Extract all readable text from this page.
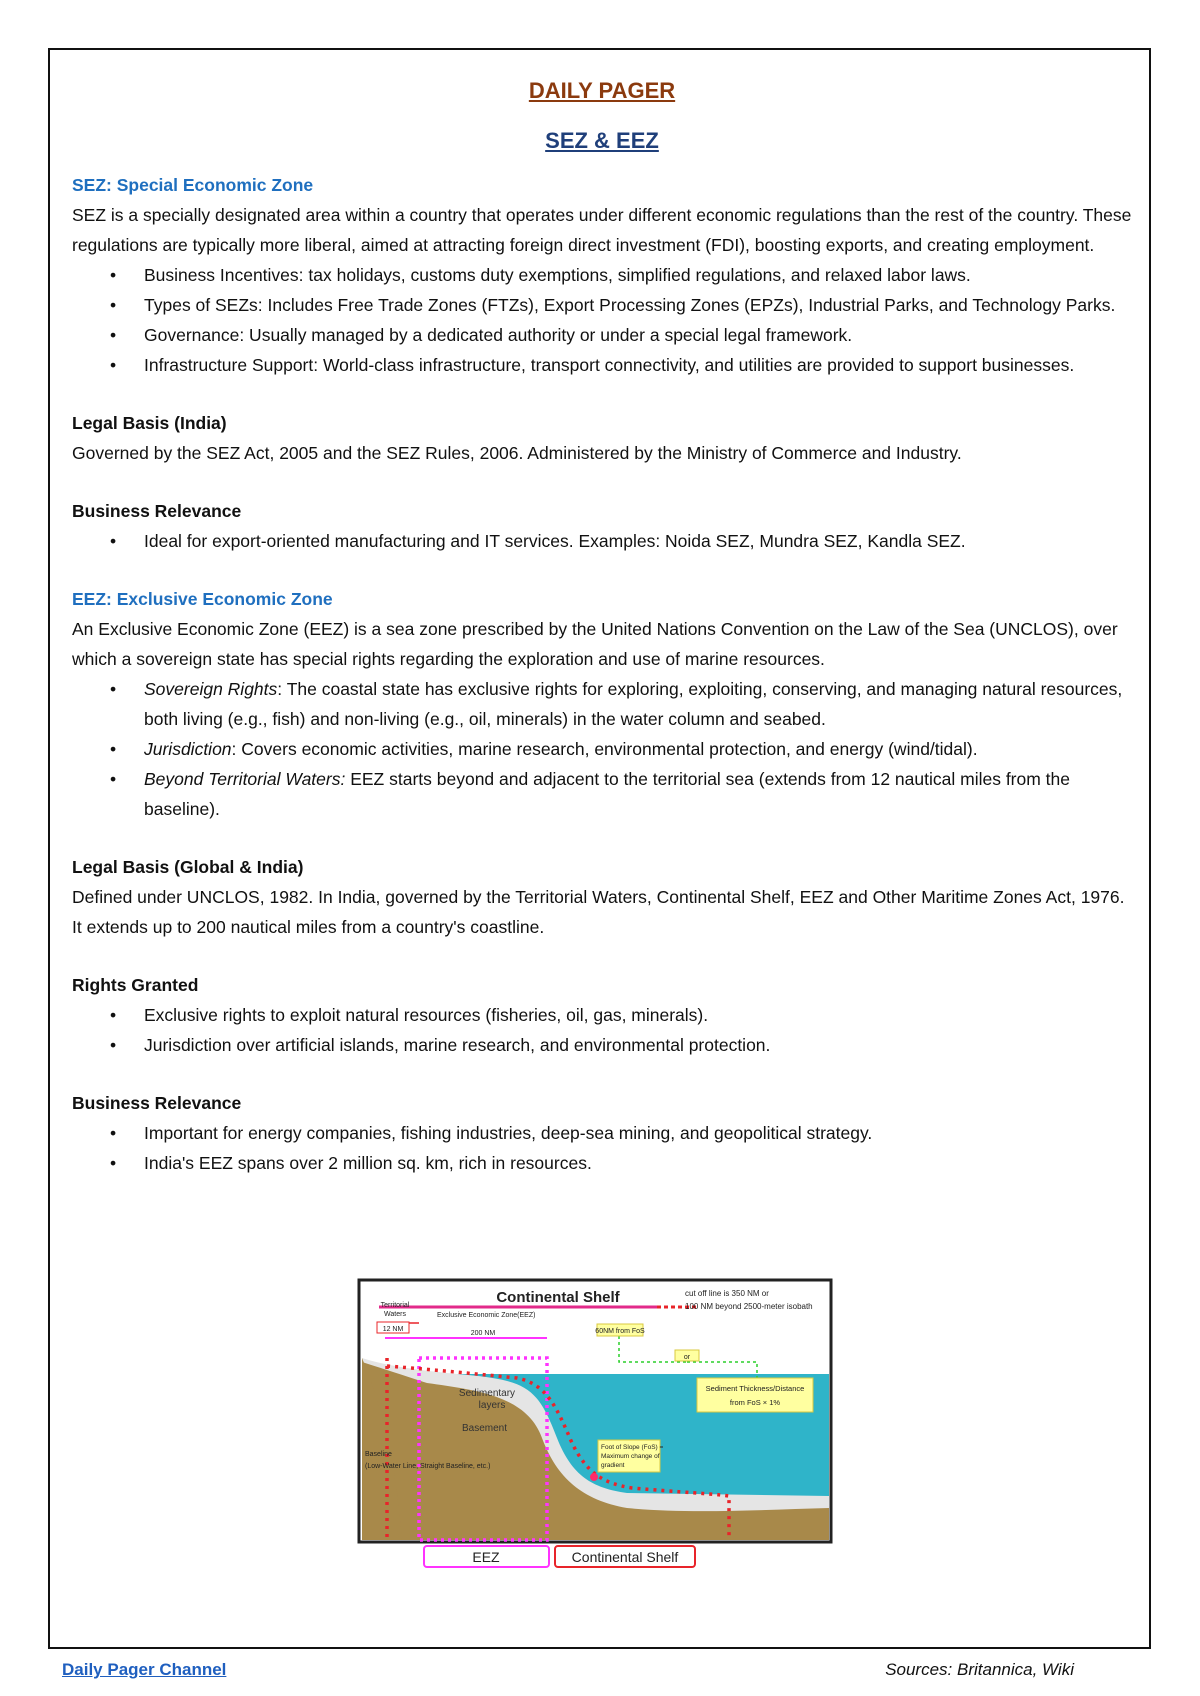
DAILY PAGER
SEZ & EEZ
SEZ: Special Economic Zone

SEZ is a specially designated area within a country that operates under different economic regulations than the rest of the country. These regulations are typically more liberal, aimed at attracting foreign direct investment (FDI), boosting exports, and creating employment.

• Business Incentives: tax holidays, customs duty exemptions, simplified regulations, and relaxed labor laws.
• Types of SEZs: Includes Free Trade Zones (FTZs), Export Processing Zones (EPZs), Industrial Parks, and Technology Parks.
• Governance: Usually managed by a dedicated authority or under a special legal framework.
• Infrastructure Support: World-class infrastructure, transport connectivity, and utilities are provided to support businesses.
Legal Basis (India)

Governed by the SEZ Act, 2005 and the SEZ Rules, 2006. Administered by the Ministry of Commerce and Industry.

Business Relevance
• Ideal for export-oriented manufacturing and IT services. Examples: Noida SEZ, Mundra SEZ, Kandla SEZ.
EEZ: Exclusive Economic Zone

An Exclusive Economic Zone (EEZ) is a sea zone prescribed by the United Nations Convention on the Law of the Sea (UNCLOS), over which a sovereign state has special rights regarding the exploration and use of marine resources.

• Sovereign Rights: The coastal state has exclusive rights for exploring, exploiting, conserving, and managing natural resources, both living (e.g., fish) and non-living (e.g., oil, minerals) in the water column and seabed.
• Jurisdiction: Covers economic activities, marine research, environmental protection, and energy (wind/tidal).
• Beyond Territorial Waters: EEZ starts beyond and adjacent to the territorial sea (extends from 12 nautical miles from the baseline).
Legal Basis (Global & India)

Defined under UNCLOS, 1982. In India, governed by the Territorial Waters, Continental Shelf, EEZ and Other Maritime Zones Act, 1976. It extends up to 200 nautical miles from a country's coastline.

Rights Granted
• Exclusive rights to exploit natural resources (fisheries, oil, gas, minerals).
• Jurisdiction over artificial islands, marine research, and environmental protection.
Business Relevance
• Important for energy companies, fishing industries, deep-sea mining, and geopolitical strategy.
• India's EEZ spans over 2 million sq. km, rich in resources.
Continental Shelf	cut off line is 350 NM or
100 NM beyond 2500-meter isobath
Territorial
Waters	Exclusive Economic Zone(EEZ)
12 NM
200 NM	60NM from FoS
or
Sediment Thickness/Distance
from FoS × 1%
Sedimentary
layers
Basement
Baseline
(Low-Water Line, Straight Baseline, etc.)
Foot of Slope (FoS) =
Maximum change of
gradient
EEZ	Continental Shelf
Daily Pager Channel	Sources: Britannica, Wiki
